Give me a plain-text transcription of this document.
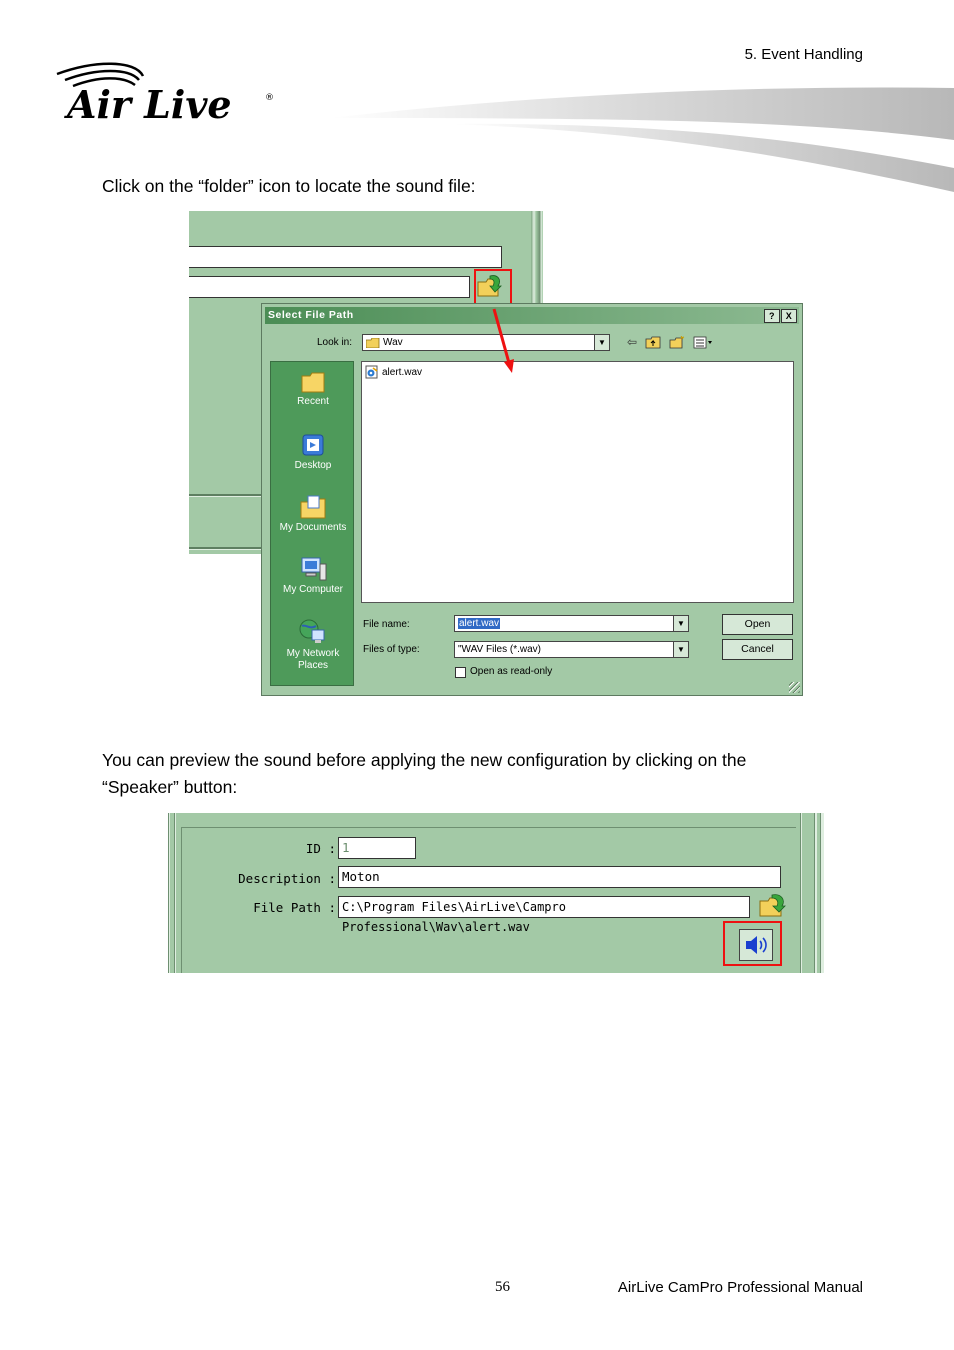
5. Event Handling
Air Live	®
Click on the “folder” icon to locate the sound file:
Select File Path	?	X
Look in:	Wav	▼ ⇦
Recent
Desktop
My Documents
My Computer
My Network Places
alert.wav
File name:	alert.wav	▼	Open
Files of type:	"WAV Files (*.wav)	▼	Cancel
Open as read-only
You can preview the sound before applying the new configuration by clicking on the
“Speaker” button:
ID : 1
Description : Moton
File Path : C:\Program Files\AirLive\Campro Professional\Wav\alert.wav
56	AirLive CamPro Professional Manual
